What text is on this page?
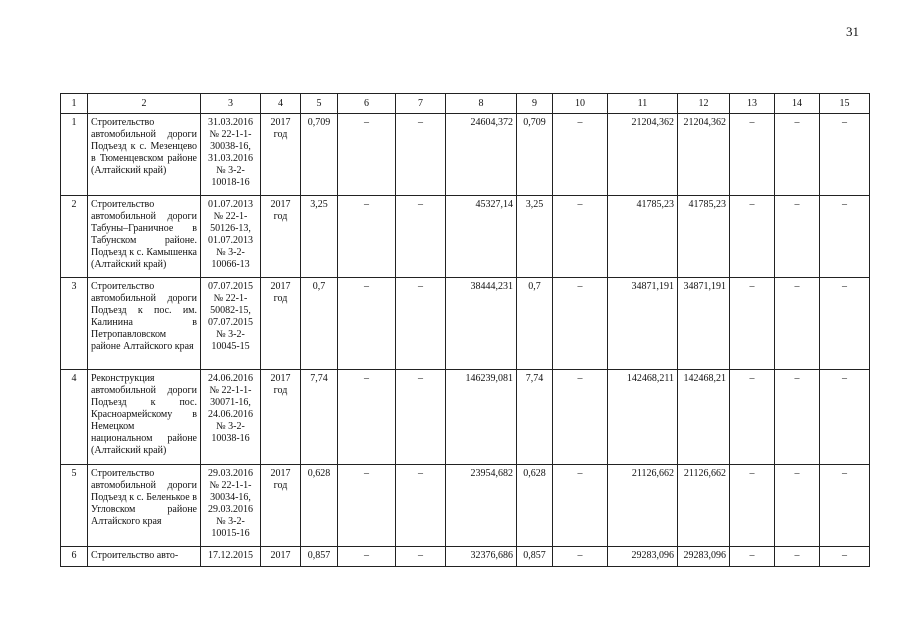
31
1	2	3	4	5	6	7	8	9	10	11	12	13	14	15
1	Строительство автомобильной дороги Подъезд к с. Мезенцево в Тюменцевском районе (Алтайский край)	31.03.2016 № 22-1-1-30038-16, 31.03.2016 № 3-2-10018-16	2017 год	0,709	–	–	24604,372	0,709	–	21204,362	21204,362	–	–	–
2	Строительство автомобильной дороги Табуны–Граничное в Табунском районе. Подъезд к с. Камышенка (Алтайский край)	01.07.2013 № 22-1-50126-13, 01.07.2013 № 3-2-10066-13	2017 год	3,25	–	–	45327,14	3,25	–	41785,23	41785,23	–	–	–
3	Строительство автомобильной дороги Подъезд к пос. им. Калинина в Петропавловском районе Алтайского края	07.07.2015 № 22-1-50082-15, 07.07.2015 № 3-2-10045-15	2017 год	0,7	–	–	38444,231	0,7	–	34871,191	34871,191	–	–	–
4	Реконструкция автомобильной дороги Подъезд к пос. Красноармейскому в Немецком национальном районе (Алтайский край)	24.06.2016 № 22-1-1-30071-16, 24.06.2016 № 3-2-10038-16	2017 год	7,74	–	–	146239,081	7,74	–	142468,211	142468,21	–	–	–
5	Строительство автомобильной дороги Подъезд к с. Беленькое в Угловском районе Алтайского края	29.03.2016 № 22-1-1-30034-16, 29.03.2016 № 3-2-10015-16	2017 год	0,628	–	–	23954,682	0,628	–	21126,662	21126,662	–	–	–
6	Строительство авто-	17.12.2015	2017	0,857	–	–	32376,686	0,857	–	29283,096	29283,096	–	–	–
